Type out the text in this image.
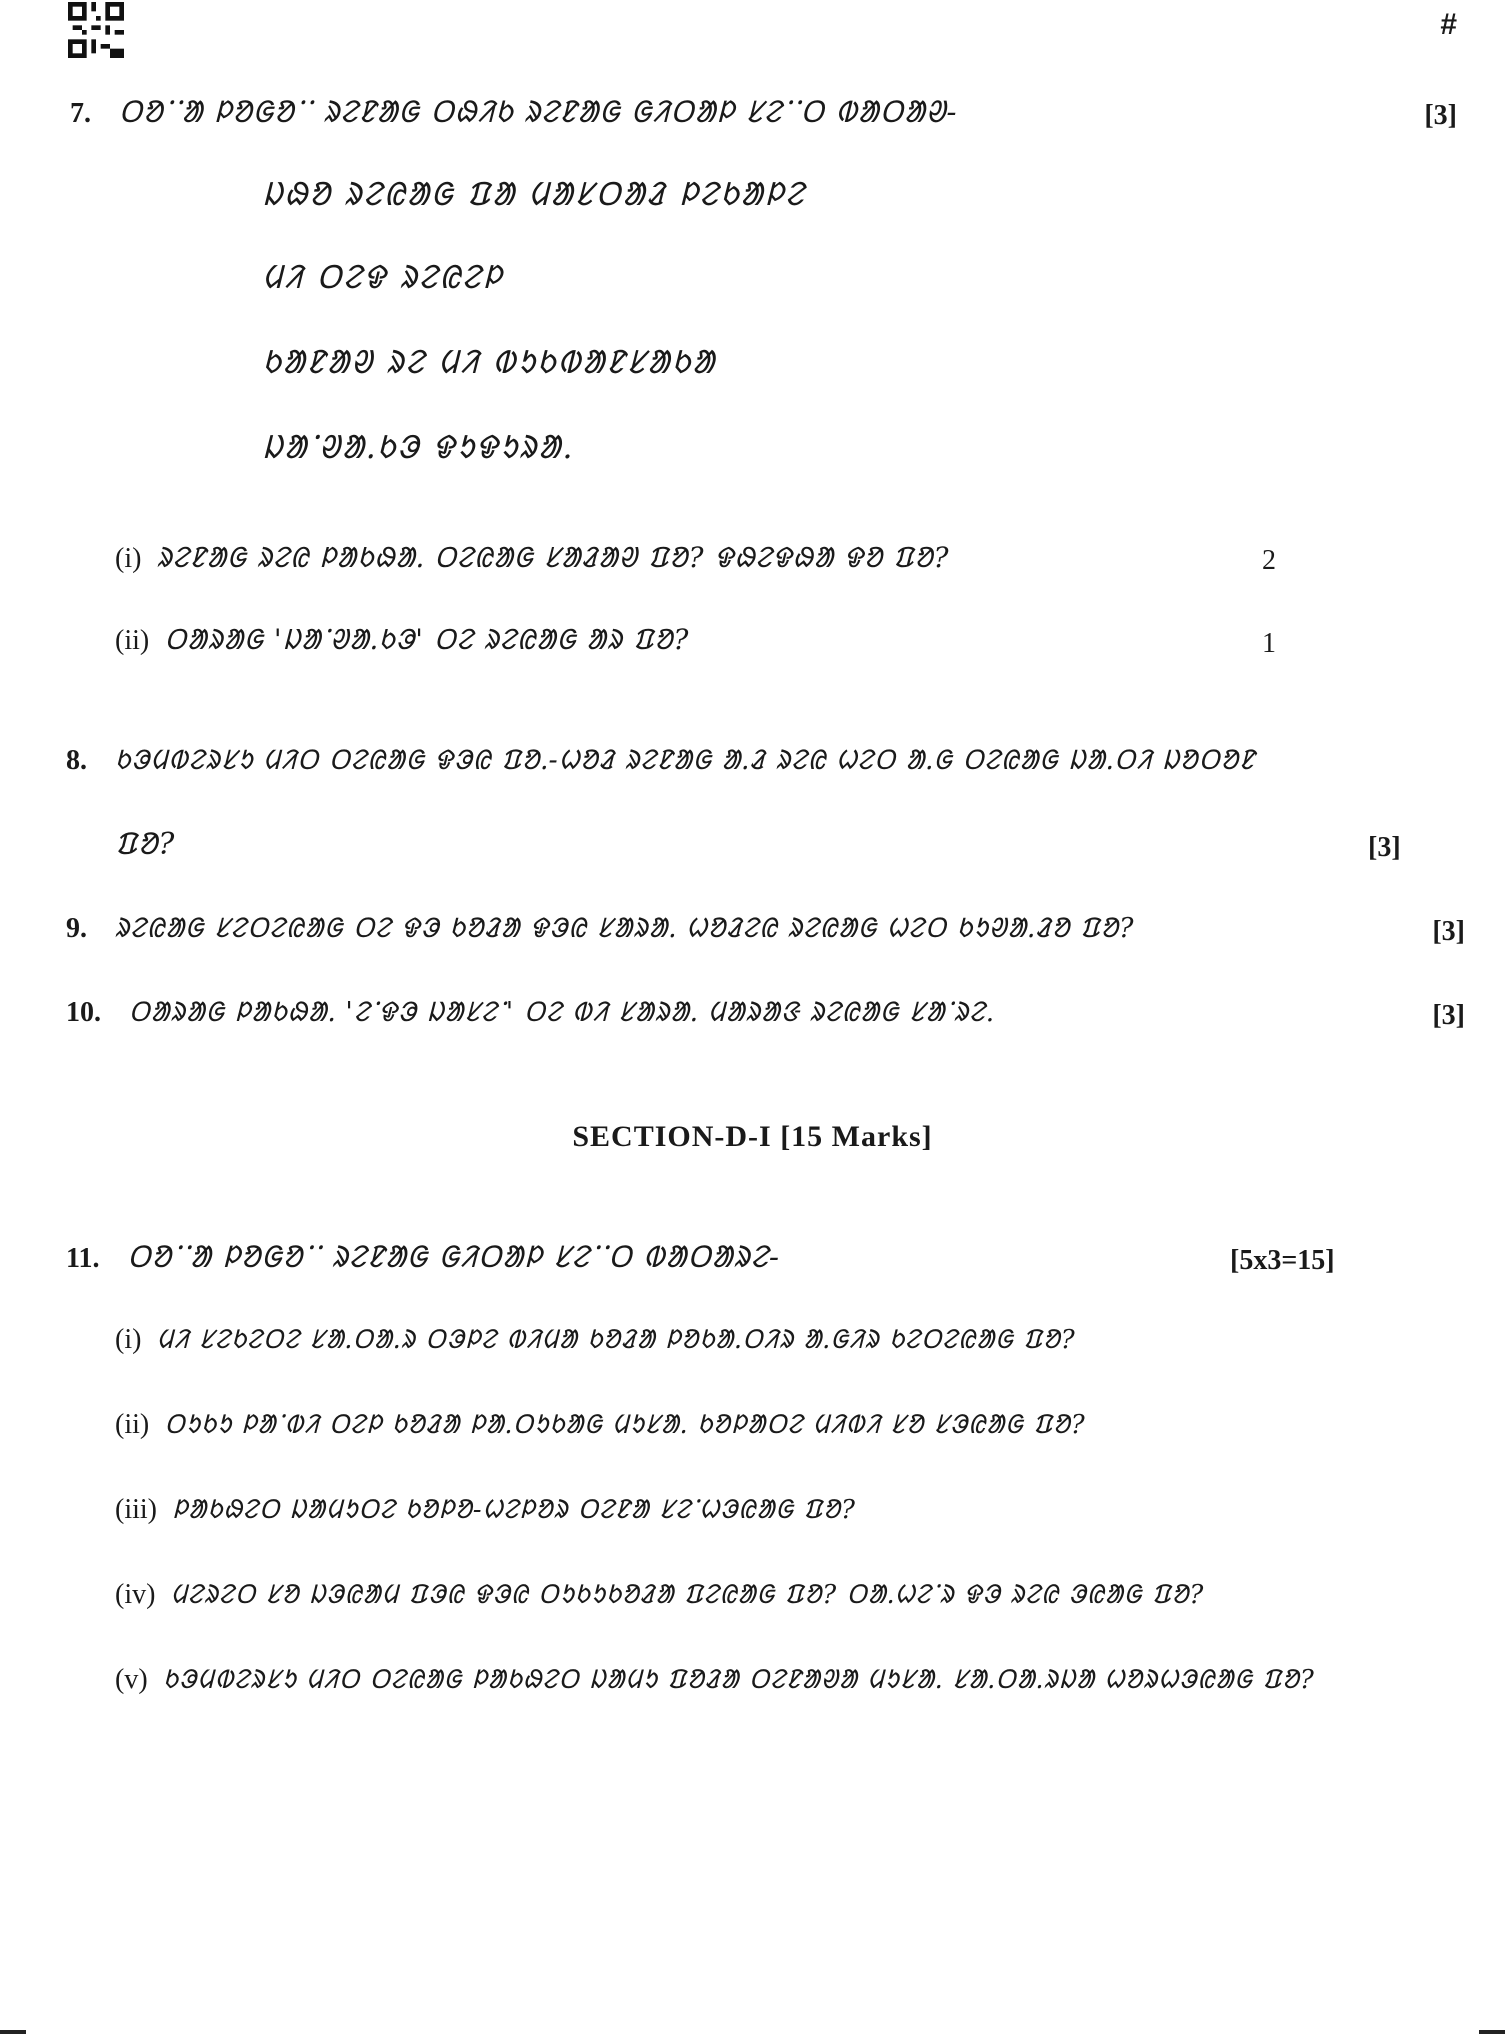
#
7. ᱛᱚᱸᱸᱟ ᱞᱚᱜᱚᱸᱸ ᱨᱮᱱᱟᱜ ᱛᱷᱤᱠ ᱨᱮᱱᱟᱜ ᱜᱤᱛᱟᱞ ᱥᱮᱸᱸᱛ ᱵᱟᱛᱟᱣ-	[3]
ᱡᱷᱚ ᱨᱮᱭᱟᱜ ᱯᱟ ᱢᱟᱥᱛᱟᱲ ᱞᱮᱠᱟᱞᱮ
ᱢᱤ ᱛᱮᱫ ᱨᱮᱭᱮᱞ
ᱠᱟᱱᱟᱣ ᱨᱮ ᱢᱤ ᱵᱩᱠᱵᱟᱱᱥᱟᱠᱟ
ᱡᱟᱸᱣᱟᱹᱠᱳ ᱫᱩᱫᱩᱨᱟ.
(i) ᱨᱮᱱᱟᱜ ᱨᱮᱭ ᱞᱟᱠᱷᱟᱹ ᱛᱮᱭᱟᱜ ᱥᱟᱲᱟᱣ ᱯᱚ? ᱫᱷᱮᱫᱷᱟ ᱫᱚ ᱯᱚ?	2
(ii) ᱛᱟᱨᱟᱜ 'ᱡᱟᱸᱣᱟᱹᱠᱳ' ᱛᱮ ᱨᱮᱭᱟᱜ ᱟᱨ ᱯᱚ?	1
8. ᱠᱳᱢᱵᱮᱨᱥᱩ ᱢᱤᱛ ᱛᱮᱭᱟᱜ ᱫᱳᱭ ᱯᱚᱹ-ᱦᱚᱲ ᱨᱮᱱᱟᱜ ᱟᱹᱲ ᱨᱮᱭ ᱦᱮᱛ ᱟᱹᱜ ᱛᱮᱭᱟᱜ ᱡᱟᱹᱛᱤ ᱡᱚᱛᱚᱱ
ᱯᱚ?	[3]
9. ᱨᱮᱭᱟᱜ ᱥᱮᱛᱮᱭᱟᱜ ᱛᱮ ᱫᱳ ᱠᱚᱲᱟ ᱫᱳᱭ ᱥᱟᱨᱟᱹ ᱦᱚᱲᱮᱭ ᱨᱮᱭᱟᱜ ᱦᱮᱛ ᱠᱩᱣᱟᱹᱲᱚ ᱯᱚ?	[3]
10. ᱛᱟᱨᱟᱜ ᱞᱟᱠᱷᱟᱹ 'ᱮᱸᱫᱳ ᱡᱟᱥᱮᱸ' ᱛᱮ ᱵᱤ ᱥᱟᱨᱟᱹ ᱢᱟᱨᱟᱝ ᱨᱮᱭᱟᱜ ᱥᱟᱸᱨᱮ.	[3]
SECTION-D-I [15 Marks]
11. ᱛᱚᱸᱸᱟ ᱞᱚᱜᱚᱸᱸ ᱨᱮᱱᱟᱜ ᱜᱤᱛᱟᱞ ᱥᱮᱸᱸᱛ ᱵᱟᱛᱟᱨᱮ-	[5x3=15]
(i) ᱢᱤ ᱥᱮᱠᱮᱛᱮ ᱥᱟᱹᱛᱟᱹᱨ ᱛᱳᱞᱮ ᱵᱤᱢᱟ ᱠᱚᱲᱟ ᱞᱚᱠᱟᱹᱛᱤᱨ ᱟᱹᱜᱤᱨ ᱠᱮᱛᱮᱭᱟᱜ ᱯᱚ?
(ii) ᱛᱩᱠᱩ ᱞᱟᱸᱵᱤ ᱛᱮᱞ ᱠᱚᱲᱟ ᱞᱟᱹᱛᱩᱠᱟᱜ ᱢᱩᱥᱟᱹ ᱠᱚᱞᱟᱛᱮ ᱢᱤᱵᱤ ᱥᱚ ᱥᱳᱭᱟᱜ ᱯᱚ?
(iii) ᱞᱟᱠᱷᱮᱛ ᱡᱟᱢᱩᱛᱮ ᱠᱚᱞᱚ-ᱦᱮᱞᱚᱨ ᱛᱮᱱᱟ ᱥᱮᱸᱦᱳᱭᱟᱜ ᱯᱚ?
(iv) ᱢᱮᱨᱮᱛ ᱥᱚ ᱡᱳᱭᱟᱢ ᱯᱳᱭ ᱫᱳᱭ ᱛᱩᱠᱩᱠᱚᱲᱟ ᱯᱮᱭᱟᱜ ᱯᱚ? ᱛᱟᱹᱦᱮᱸᱨ ᱫᱳ ᱨᱮᱭ ᱳᱭᱟᱜ ᱯᱚ?
(v) ᱠᱳᱢᱵᱮᱨᱥᱩ ᱢᱤᱛ ᱛᱮᱭᱟᱜ ᱞᱟᱠᱷᱮᱛ ᱡᱟᱢᱩ ᱯᱚᱲᱟ ᱛᱮᱱᱟᱣᱟ ᱢᱩᱥᱟᱹ ᱥᱟᱹᱛᱟᱹᱨᱡᱟ ᱦᱚᱨᱦᱳᱭᱟᱜ ᱯᱚ?
